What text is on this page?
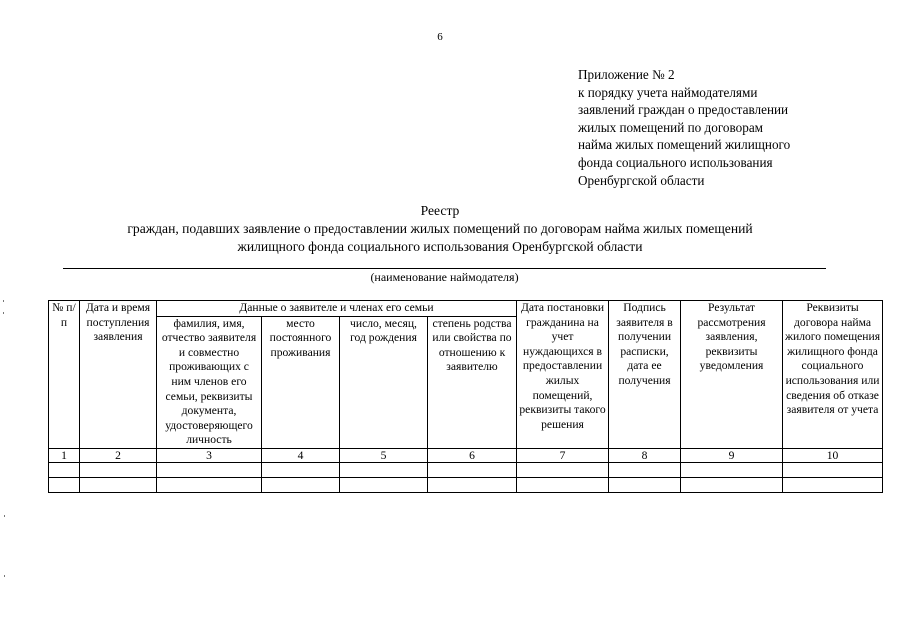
6
Приложение № 2
к порядку учета наймодателями
заявлений граждан о предоставлении
жилых помещений по договорам
найма жилых помещений жилищного
фонда социального использования
Оренбургской области
Реестр
граждан, подавших заявление о предоставлении жилых помещений по договорам найма жилых помещений
жилищного фонда социального использования Оренбургской области
(наименование наймодателя)
№ п/п	Дата и время поступления заявления	Данные о заявителе и членах его семьи				Дата постановки гражданина на учет нуждающихся в предоставлении жилых помещений, реквизиты такого решения	Подпись заявителя в получении расписки, дата ее получения	Результат рассмотрения заявления, реквизиты уведомления	Реквизиты договора найма жилого помещения жилищного фонда социального использования или сведения об отказе заявителя от учета
		фамилия, имя, отчество заявителя и совместно проживающих с ним членов его семьи, реквизиты документа, удостоверяющего личность	место постоянного проживания	число, месяц, год рождения	степень родства или свойства по отношению к заявителю				
1	2	3	4	5	6	7	8	9	10
